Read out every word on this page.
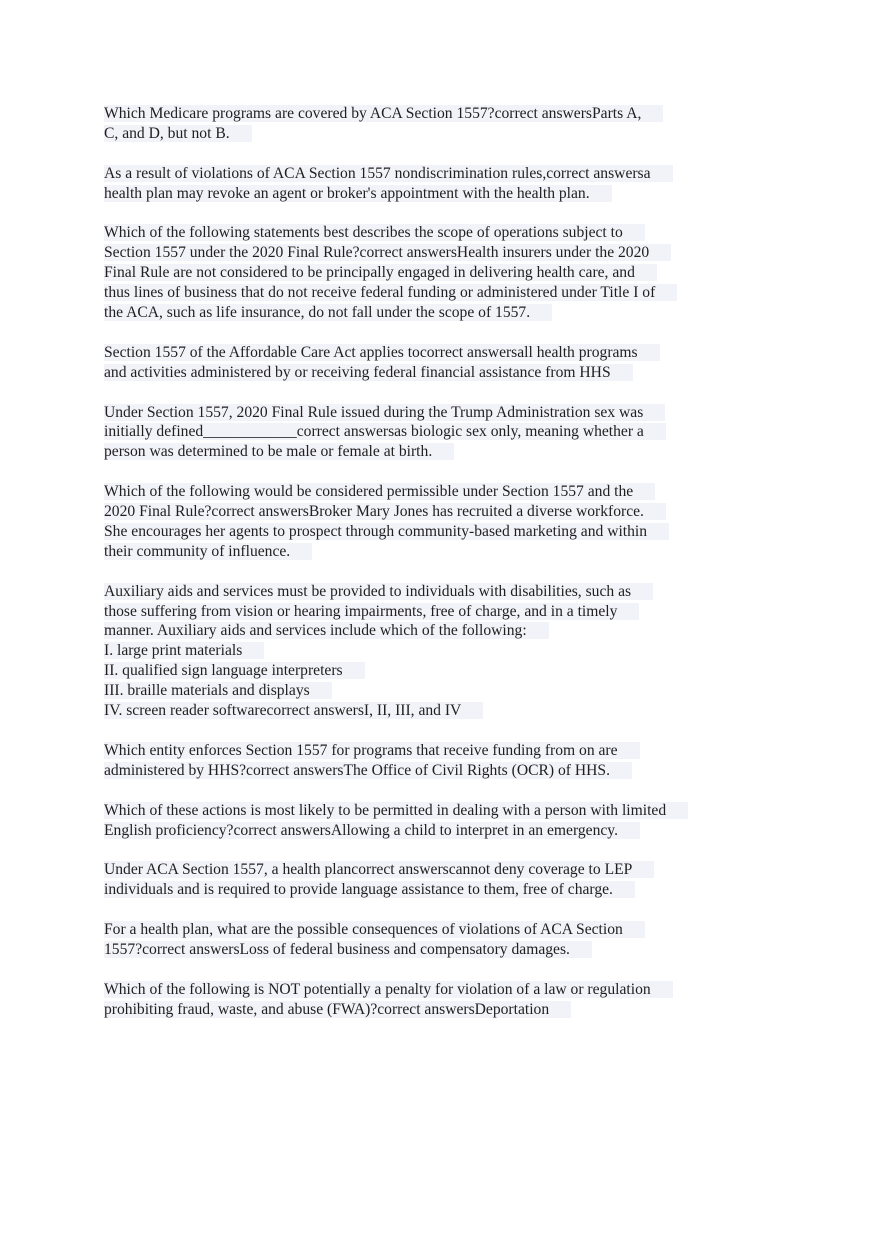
Which Medicare programs are covered by ACA Section 1557?correct answersParts A,
C, and D, but not B.
As a result of violations of ACA Section 1557 nondiscrimination rules,correct answersa
health plan may revoke an agent or broker's appointment with the health plan.
Which of the following statements best describes the scope of operations subject to
Section 1557 under the 2020 Final Rule?correct answersHealth insurers under the 2020
Final Rule are not considered to be principally engaged in delivering health care, and
thus lines of business that do not receive federal funding or administered under Title I of
the ACA, such as life insurance, do not fall under the scope of 1557.
Section 1557 of the Affordable Care Act applies tocorrect answersall health programs
and activities administered by or receiving federal financial assistance from HHS
Under Section 1557, 2020 Final Rule issued during the Trump Administration sex was
initially defined____________correct answersas biologic sex only, meaning whether a
person was determined to be male or female at birth.
Which of the following would be considered permissible under Section 1557 and the
2020 Final Rule?correct answersBroker Mary Jones has recruited a diverse workforce.
She encourages her agents to prospect through community-based marketing and within
their community of influence.
Auxiliary aids and services must be provided to individuals with disabilities, such as
those suffering from vision or hearing impairments, free of charge, and in a timely
manner. Auxiliary aids and services include which of the following:
I. large print materials
II. qualified sign language interpreters
III. braille materials and displays
IV. screen reader softwarecorrect answersI, II, III, and IV
Which entity enforces Section 1557 for programs that receive funding from on are
administered by HHS?correct answersThe Office of Civil Rights (OCR) of HHS.
Which of these actions is most likely to be permitted in dealing with a person with limited
English proficiency?correct answersAllowing a child to interpret in an emergency.
Under ACA Section 1557, a health plancorrect answerscannot deny coverage to LEP
individuals and is required to provide language assistance to them, free of charge.
For a health plan, what are the possible consequences of violations of ACA Section
1557?correct answersLoss of federal business and compensatory damages.
Which of the following is NOT potentially a penalty for violation of a law or regulation
prohibiting fraud, waste, and abuse (FWA)?correct answersDeportation
